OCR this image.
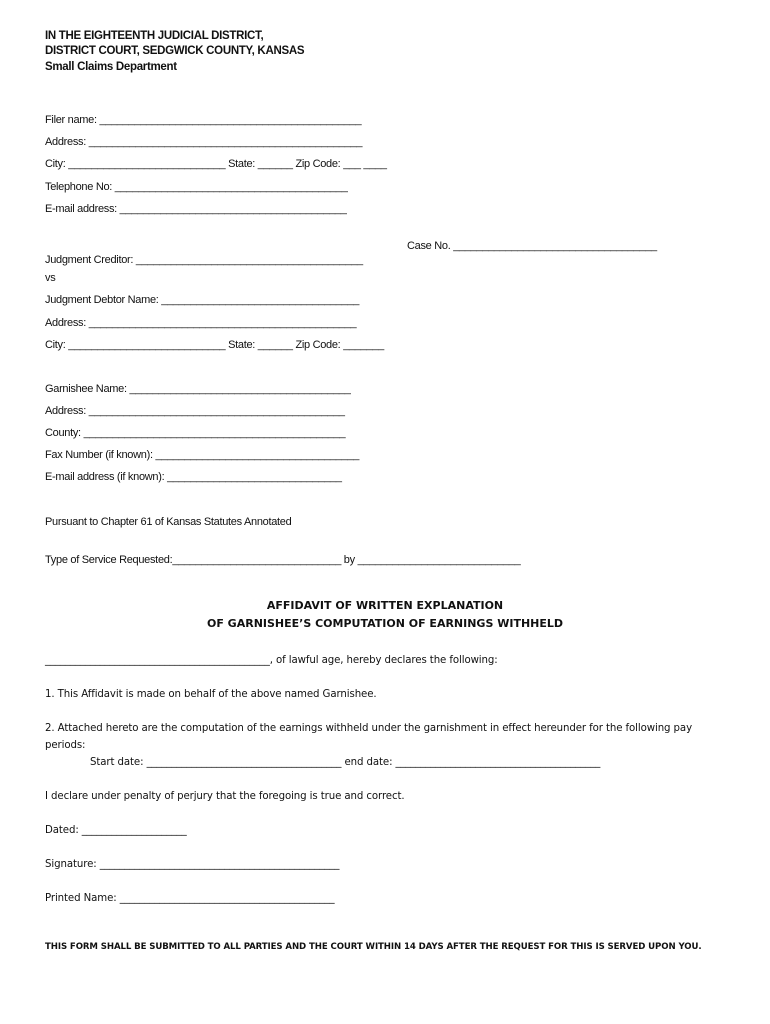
IN THE EIGHTEENTH JUDICIAL DISTRICT,
DISTRICT COURT, SEDGWICK COUNTY, KANSAS
Small Claims Department
Filer name: _____________________________________________
Address: _______________________________________________
City: ___________________________ State: ______ Zip Code: ___ ____
Telephone No: ________________________________________
E-mail address: _______________________________________
Case No. ___________________________________
Judgment Creditor: _______________________________________
vs
Judgment Debtor Name: __________________________________
Address: ______________________________________________
City: ___________________________ State: ______ Zip Code: _______
Garnishee Name: ______________________________________
Address: ____________________________________________
County: _____________________________________________
Fax Number (if known): ___________________________________
E-mail address (if known): ______________________________
Pursuant to Chapter 61 of Kansas Statutes Annotated
Type of Service Requested:_____________________________ by ____________________________
AFFIDAVIT OF WRITTEN EXPLANATION
OF GARNISHEE’S COMPUTATION OF EARNINGS WITHHELD
_____________________________________________, of lawful age, hereby declares the following:
1. This Affidavit is made on behalf of the above named Garnishee.
2. Attached hereto are the computation of the earnings withheld under the garnishment in effect hereunder for the following pay
periods:
Start date: _______________________________________ end date: _________________________________________
I declare under penalty of perjury that the foregoing is true and correct.
Dated: _____________________
Signature: ________________________________________________
Printed Name: ___________________________________________
THIS FORM SHALL BE SUBMITTED TO ALL PARTIES AND THE COURT WITHIN 14 DAYS AFTER THE REQUEST FOR THIS IS SERVED UPON YOU.
